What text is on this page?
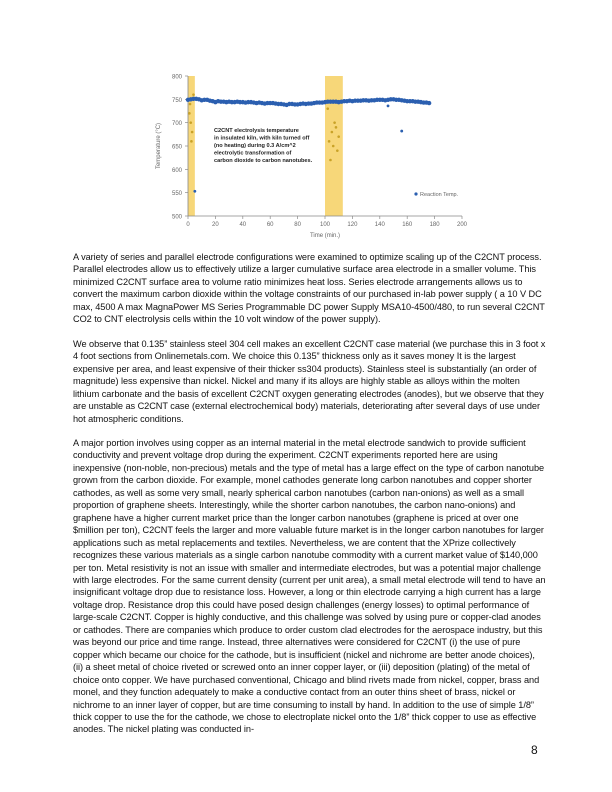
500
550
600
650
700
750
800
0	20	40	60	80	100	120	140	160	180	200
Time (min.)
Temperature (°C)	C2CNT electrolysis temperature
in insulated kiln, with kiln turned off
(no heating) during 0.3 A/cm^2
electrolytic transformation of
carbon dioxide to carbon nanotubes.
Reaction Temp.

A variety of series and parallel electrode configurations were examined to optimize scaling up of the C2CNT process. Parallel electrodes allow us to effectively utilize a larger cumulative surface area electrode in a smaller volume. This minimized C2CNT surface area to volume ratio minimizes heat loss. Series electrode arrangements allows us to convert the maximum carbon dioxide within the voltage constraints of our purchased in-lab power supply ( a 10 V DC max, 4500 A max MagnaPower MS Series Programmable DC power Supply MSA10-4500/480, to run several C2CNT CO2 to CNT electrolysis cells within the 10 volt window of the power supply).

We observe that 0.135” stainless steel 304 cell makes an excellent C2CNT case material (we purchase this in 3 foot x 4 foot sections from Onlinemetals.com. We choice this 0.135” thickness only as it saves money It is the largest expensive per area, and least expensive of their thicker ss304 products). Stainless steel is substantially (an order of magnitude) less expensive than nickel. Nickel and many if its alloys are highly stable as alloys within the molten lithium carbonate and the basis of excellent C2CNT oxygen generating electrodes (anodes), but we observe that they are unstable as C2CNT case (external electrochemical body) materials, deteriorating after several days of use under hot atmospheric conditions.

A major portion involves using copper as an internal material in the metal electrode sandwich to provide sufficient conductivity and prevent voltage drop during the experiment. C2CNT experiments reported here are using inexpensive (non-noble, non-precious) metals and the type of metal has a large effect on the type of carbon nanotube grown from the carbon dioxide. For example, monel cathodes generate long carbon nanotubes and copper shorter cathodes, as well as some very small, nearly spherical carbon nanotubes (carbon nan-onions) as well as a small proportion of graphene sheets. Interestingly, while the shorter carbon nanotubes, the carbon nano-onions) and graphene have a higher current market price than the longer carbon nanotubes (graphene is priced at over one $million per ton), C2CNT feels the larger and more valuable future market is in the longer carbon nanotubes for larger applications such as metal replacements and textiles. Nevertheless, we are content that the XPrize collectively recognizes these various materials as a single carbon nanotube commodity with a current market value of $140,000 per ton. Metal resistivity is not an issue with smaller and intermediate electrodes, but was a potential major challenge with large electrodes. For the same current density (current per unit area), a small metal electrode will tend to have an insignificant voltage drop due to resistance loss. However, a long or thin electrode carrying a high current has a large voltage drop. Resistance drop this could have posed design challenges (energy losses) to optimal performance of large-scale C2CNT. Copper is highly conductive, and this challenge was solved by using pure or copper-clad anodes or cathodes. There are companies which produce to order custom clad electrodes for the aerospace industry, but this was beyond our price and time range. Instead, three alternatives were considered for C2CNT (i) the use of pure copper which became our choice for the cathode, but is insufficient (nickel and nichrome are better anode choices), (ii) a sheet metal of choice riveted or screwed onto an inner copper layer, or (iii) deposition (plating) of the metal of choice onto copper. We have purchased conventional, Chicago and blind rivets made from nickel, copper, brass and monel, and they function adequately to make a conductive contact from an outer thins sheet of brass, nickel or nichrome to an inner layer of copper, but are time consuming to install by hand. In addition to the use of simple 1/8” thick copper to use the for the cathode, we chose to electroplate nickel onto the 1/8” thick copper to use as effective anodes. The nickel plating was conducted in-

8
